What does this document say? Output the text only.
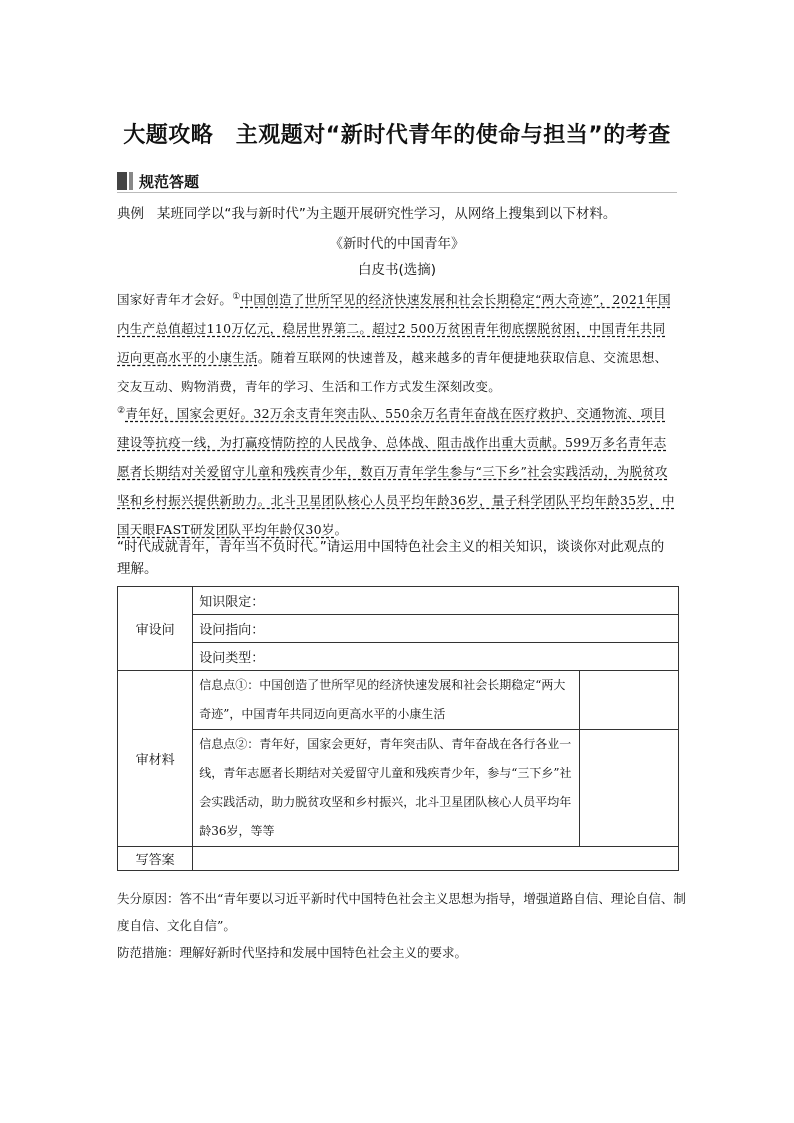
大题攻略　主观题对“新时代青年的使命与担当”的考查
规范答题
典例 某班同学以“我与新时代”为主题开展研究性学习，从网络上搜集到以下材料。
《新时代的中国青年》
白皮书(选摘)
国家好青年才会好。①中国创造了世所罕见的经济快速发展和社会长期稳定“两大奇迹”，2021年国内生产总值超过110万亿元，稳居世界第二。超过2 500万贫困青年彻底摆脱贫困，中国青年共同迈向更高水平的小康生活。随着互联网的快速普及，越来越多的青年便捷地获取信息、交流思想、交友互动、购物消费，青年的学习、生活和工作方式发生深刻改变。
②青年好，国家会更好。32万余支青年突击队、550余万名青年奋战在医疗救护、交通物流、项目建设等抗疫一线，为打赢疫情防控的人民战争、总体战、阻击战作出重大贡献。599万多名青年志愿者长期结对关爱留守儿童和残疾青少年，数百万青年学生参与“三下乡”社会实践活动，为脱贫攻坚和乡村振兴提供新助力。北斗卫星团队核心人员平均年龄36岁，量子科学团队平均年龄35岁，中国天眼FAST研发团队平均年龄仅30岁。
“时代成就青年，青年当不负时代。”请运用中国特色社会主义的相关知识，谈谈你对此观点的理解。
审设问	知识限定：	
	设问指向：	
	设问类型：	
审材料	信息点①：中国创造了世所罕见的经济快速发展和社会长期稳定“两大奇迹”，中国青年共同迈向更高水平的小康生活	
	信息点②：青年好，国家会更好，青年突击队、青年奋战在各行各业一线，青年志愿者长期结对关爱留守儿童和残疾青少年，参与“三下乡”社会实践活动，助力脱贫攻坚和乡村振兴，北斗卫星团队核心人员平均年龄36岁，等等	
写答案		
失分原因：答不出“青年要以习近平新时代中国特色社会主义思想为指导，增强道路自信、理论自信、制度自信、文化自信”。
防范措施：理解好新时代坚持和发展中国特色社会主义的要求。
